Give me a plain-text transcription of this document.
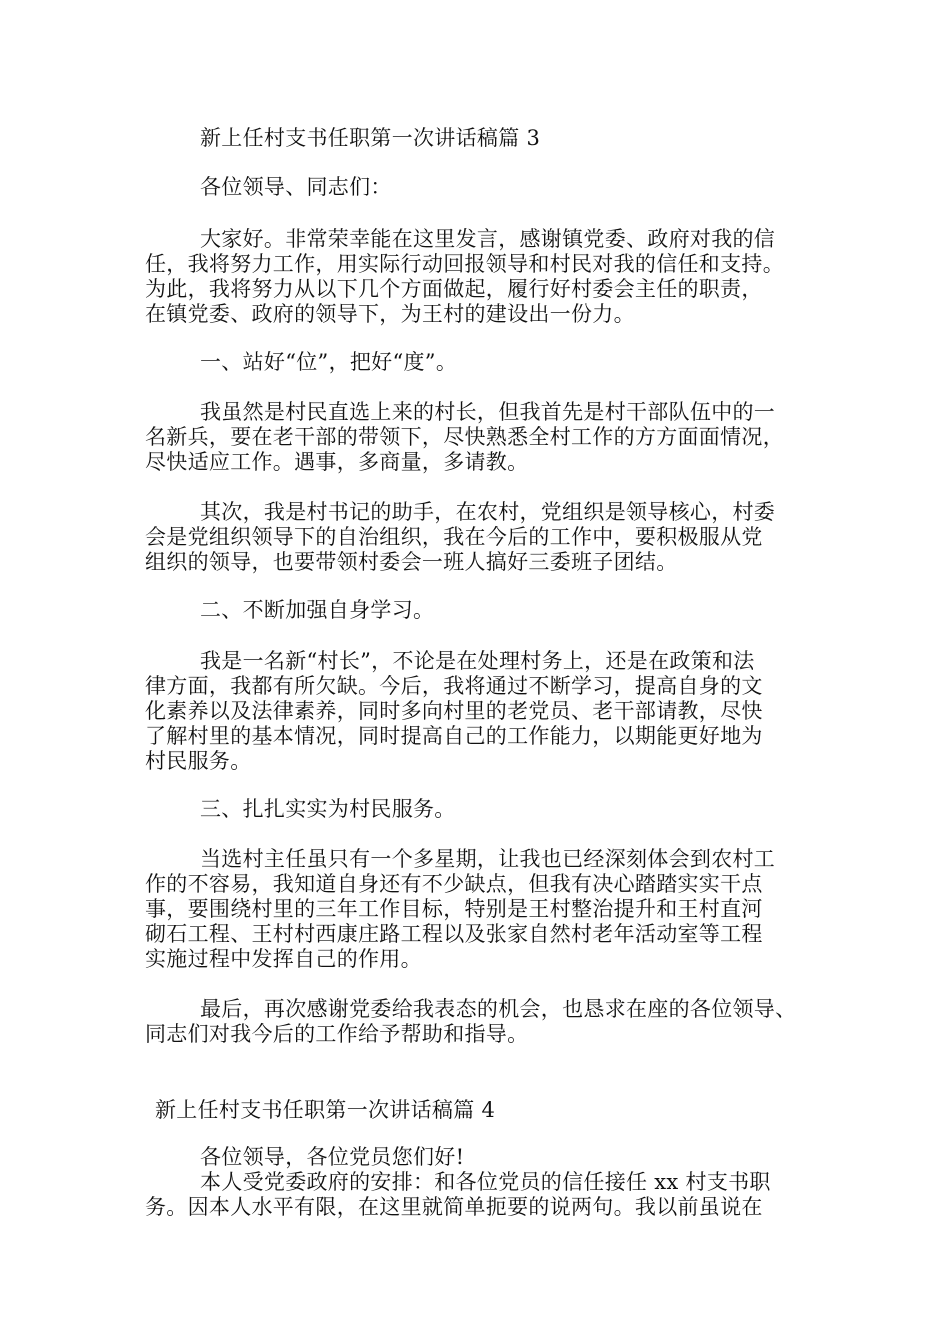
新上任村支书任职第一次讲话稿篇 3
各位领导、同志们：
大家好。非常荣幸能在这里发言，感谢镇党委、政府对我的信
任，我将努力工作，用实际行动回报领导和村民对我的信任和支持。
为此，我将努力从以下几个方面做起，履行好村委会主任的职责，
在镇党委、政府的领导下，为王村的建设出一份力。
一、站好“位”，把好“度”。
我虽然是村民直选上来的村长，但我首先是村干部队伍中的一
名新兵，要在老干部的带领下，尽快熟悉全村工作的方方面面情况，
尽快适应工作。遇事，多商量，多请教。
其次，我是村书记的助手，在农村，党组织是领导核心，村委
会是党组织领导下的自治组织，我在今后的工作中，要积极服从党
组织的领导，也要带领村委会一班人搞好三委班子团结。
二、不断加强自身学习。
我是一名新“村长”，不论是在处理村务上，还是在政策和法
律方面，我都有所欠缺。今后，我将通过不断学习，提高自身的文
化素养以及法律素养，同时多向村里的老党员、老干部请教，尽快
了解村里的基本情况，同时提高自己的工作能力，以期能更好地为
村民服务。
三、扎扎实实为村民服务。
当选村主任虽只有一个多星期，让我也已经深刻体会到农村工
作的不容易，我知道自身还有不少缺点，但我有决心踏踏实实干点
事，要围绕村里的三年工作目标，特别是王村整治提升和王村直河
砌石工程、王村村西康庄路工程以及张家自然村老年活动室等工程
实施过程中发挥自己的作用。
最后，再次感谢党委给我表态的机会，也恳求在座的各位领导、
同志们对我今后的工作给予帮助和指导。
新上任村支书任职第一次讲话稿篇 4
各位领导，各位党员您们好!
本人受党委政府的安排：和各位党员的信任接任 xx 村支书职
务。因本人水平有限，在这里就简单扼要的说两句。我以前虽说在
